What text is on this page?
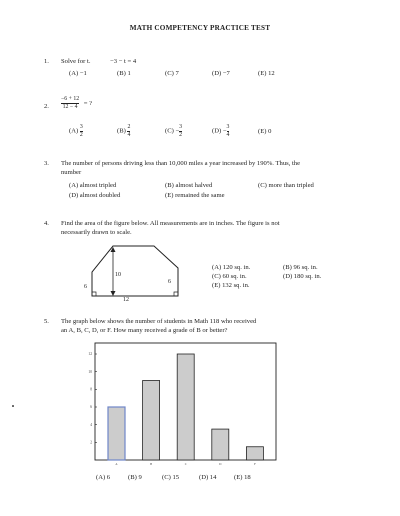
MATH COMPETENCY PRACTICE TEST
1. Solve for t.	−3 − t = 4
(A) −1	(B) 1	(C) 7	(D) −7	(E) 12
2. $\frac{-6 + 12}{12 - 4}$ = ?
$(A) \frac{3}{2}$	$(B) \frac{2}{4}$	$(C) - \frac{3}{2}$	$(D) - \frac{3}{4}$	(E) 0
3. The number of persons driving less than 10,000 miles a year increased by 190%. Thus, the
number
(A) almost tripled	(B) almost halved	(C) more than tripled
(D) almost doubled	(E) remained the same
4. Find the area of the figure below. All measurements are in inches. The figure is not
necessarily drawn to scale.
10
6
6
12
(A) 120 sq. in.	(B) 96 sq. in.
(C) 60 sq. in.	(D) 180 sq. in.
(E) 132 sq. in.
5. The graph below shows the number of students in Math 118 who received
an A, B, C, D, or F. How many received a grade of B or better?
2
4
6
8
10
12
A	B	C	D	F
(A) 6	(B) 9	(C) 15	(D) 14	(E) 18
